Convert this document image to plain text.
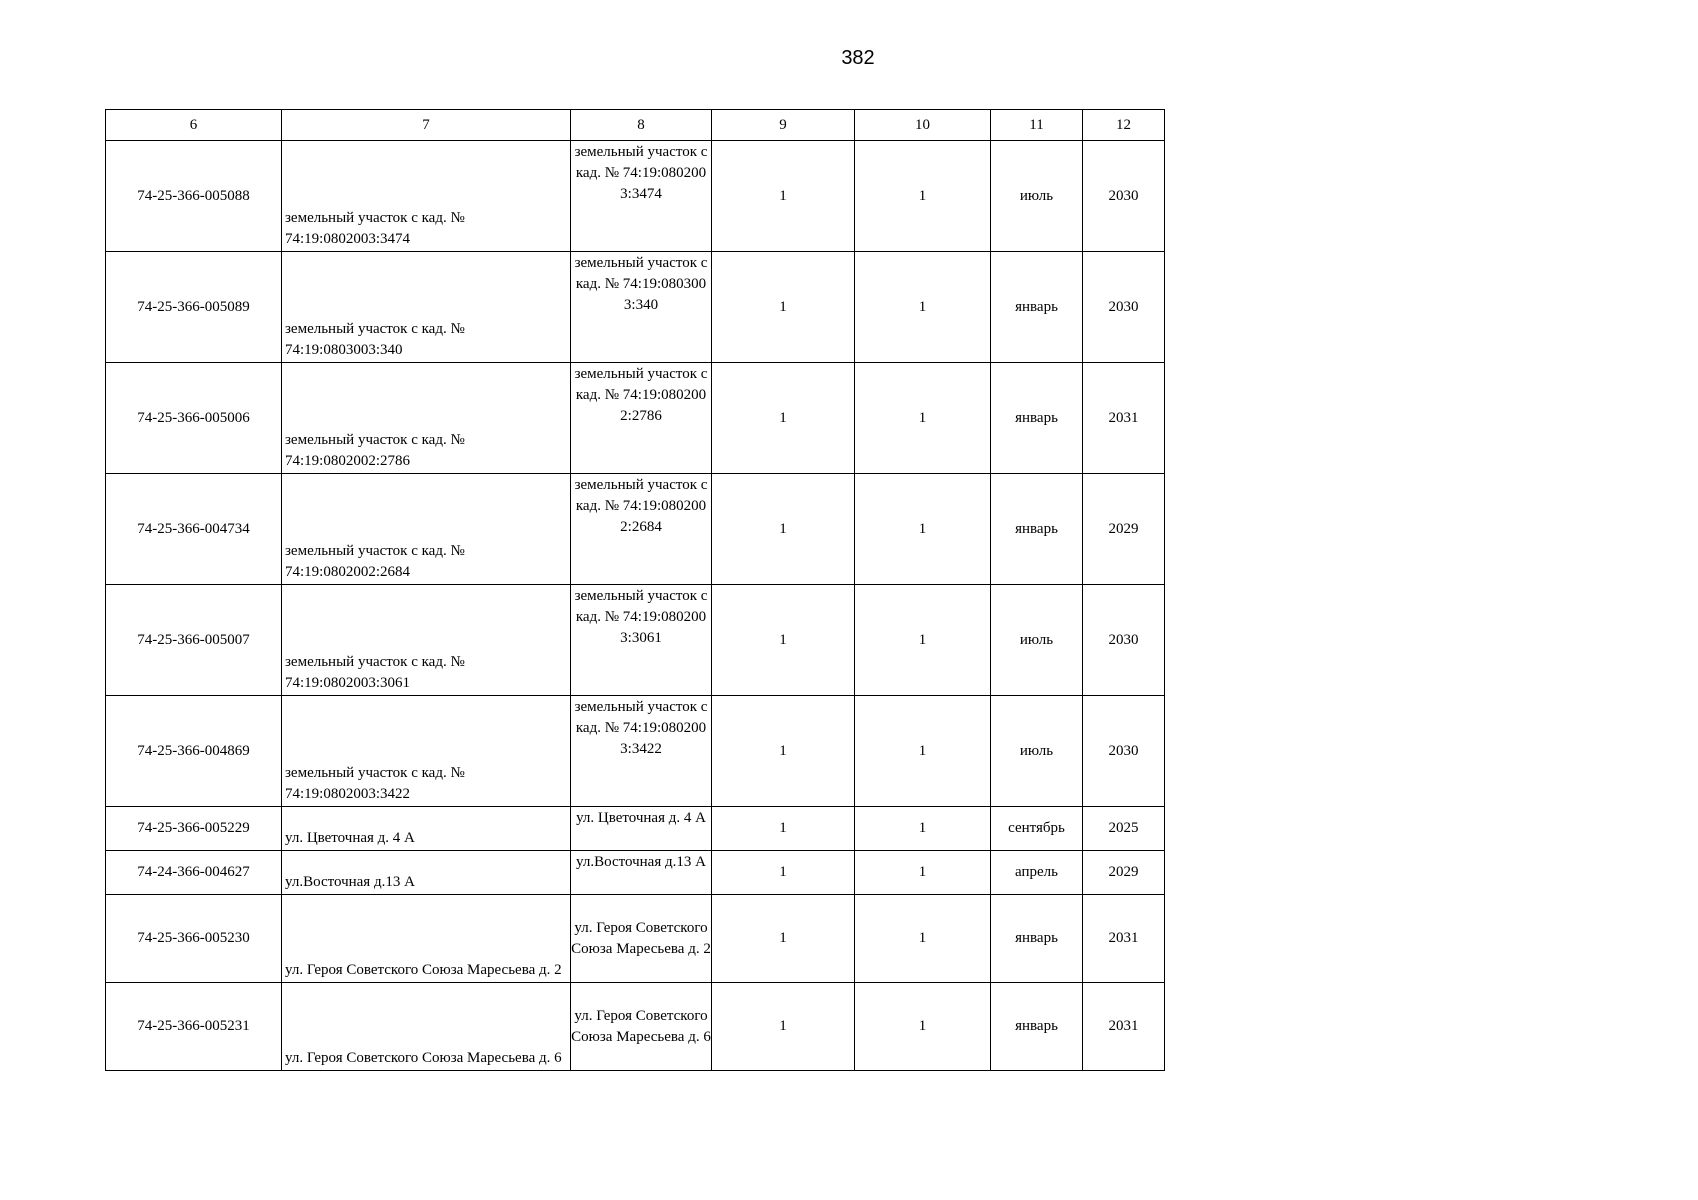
382
6	7	8	9	10	11	12
74-25-366-005088	земельный участок с кад. № 74:19:0802003:3474	земельный участок с кад. № 74:19:0802003:3474	1	1	июль	2030
74-25-366-005089	земельный участок с кад. № 74:19:0803003:340	земельный участок с кад. № 74:19:0803003:340	1	1	январь	2030
74-25-366-005006	земельный участок с кад. № 74:19:0802002:2786	земельный участок с кад. № 74:19:0802002:2786	1	1	январь	2031
74-25-366-004734	земельный участок с кад. № 74:19:0802002:2684	земельный участок с кад. № 74:19:0802002:2684	1	1	январь	2029
74-25-366-005007	земельный участок с кад. № 74:19:0802003:3061	земельный участок с кад. № 74:19:0802003:3061	1	1	июль	2030
74-25-366-004869	земельный участок с кад. № 74:19:0802003:3422	земельный участок с кад. № 74:19:0802003:3422	1	1	июль	2030
74-25-366-005229	ул. Цветочная д. 4 А	ул. Цветочная д. 4 А	1	1	сентябрь	2025
74-24-366-004627	ул.Восточная д.13 А	ул.Восточная д.13 А	1	1	апрель	2029
74-25-366-005230	ул. Героя Советского Союза Маресьева д. 2	ул. Героя Советского Союза Маресьева д. 2	1	1	январь	2031
74-25-366-005231	ул. Героя Советского Союза Маресьева д. 6	ул. Героя Советского Союза Маресьева д. 6	1	1	январь	2031
